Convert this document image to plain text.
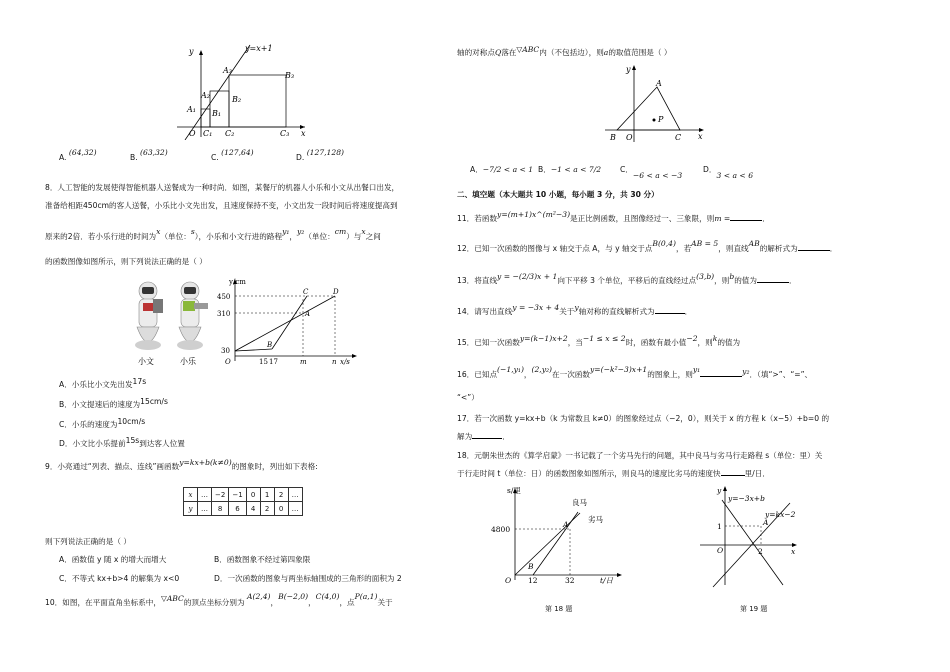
y	y=x+1
O	x
A₁
A₂
A₃
B₁
B₂
B₃
C₁ C₂	C₃
A. (64,32)
B. (63,32)
C. (127,64)
D. (127,128)
8．人工智能的发展使得智能机器人送餐成为一种时尚．如图，某餐厅的机器人小乐和小文从出餐口出发，
准备给相距450cm的客人送餐，小乐比小文先出发，且速度保持不变，小文出发一段时间后将速度提高到
原来的2倍．若小乐行进的时间为x（单位：s），小乐和小文行进的路程y₁，y₂（单位：cm）与x之间
的函数图像如图所示，则下列说法正确的是（ ）
小文	小乐
y/cm
450
310
30
O
B
C	D
A
15 17	m	n x/s
A．小乐比小文先出发17s
B．小文提速后的速度为15cm/s
C．小乐的速度为10cm/s
D．小文比小乐提前15s到达客人位置
9．小亮通过“列表、描点、连线”画函数y=kx+b(k≠0)的图象时，列出如下表格:
x	…	−2	−1	0	1	2	…
y	…	8	6	4	2	0	…
则下列说法正确的是（ ）
A．函数值 y 随 x 的增大而增大	B．函数图象不经过第四象限
C．不等式 kx+b>4 的解集为 x<0	D．一次函数的图象与两坐标轴围成的三角形的面积为 2
10．如图，在平面直角坐标系中，▽ABC的顶点坐标分别为 A(2,4)，B(−2,0)，C(4,0)，点P(a,1)关于
轴的对称点Q落在▽ABC内（不包括边），则a的取值范围是（ ）
y
A
P
B O	C x
A．−7/2 < a < 1 B．−1 < a < 7/2 C．−6 < a < −3
D．3 < a < 6
二、填空题（本大题共 10 小题，每小题 3 分，共 30 分）
11．若函数y=(m+1)x^(m²−3)是正比例函数，且图像经过一、三象限，则m =	．
12．已知一次函数的图像与 x 轴交于点 A，与 y 轴交于点B(0,4)，若AB = 5，则直线AB的解析式为	．
13．将直线y = −(2/3)x + 1向下平移 3 个单位，平移后的直线经过点(3,b)，则b的值为	．
14．请写出直线y = −3x + 4关于y轴对称的直线解析式为	．
15．已知一次函数y=(k−1)x+2，当−1 ≤ x ≤ 2时，函数有最小值−2，则k的值为
16．已知点(−1,y₁)，(2,y₂)在一次函数y=(−k²−3)x+1的图象上，则y₁	y₂．（填“>”、“=”、
“<”）
17．若一次函数 y=kx+b（k 为常数且 k≠0）的图象经过点（−2，0），则关于 x 的方程 k（x−5）+b=0 的
解为	．
18．元朝朱世杰的《算学启蒙》一书记载了一个劣马先行的问题，其中良马与劣马行走路程 s（单位：里）关
于行走时间 t（单位：日）的函数图象如图所示，则良马的速度比劣马的速度快	里/日．
s/里
4800
良马
劣马
A
B
O 12	32	t/日
第 18 题
y
y=−3x+b
y=kx−2
A
1
O	2	x
第 19 题
